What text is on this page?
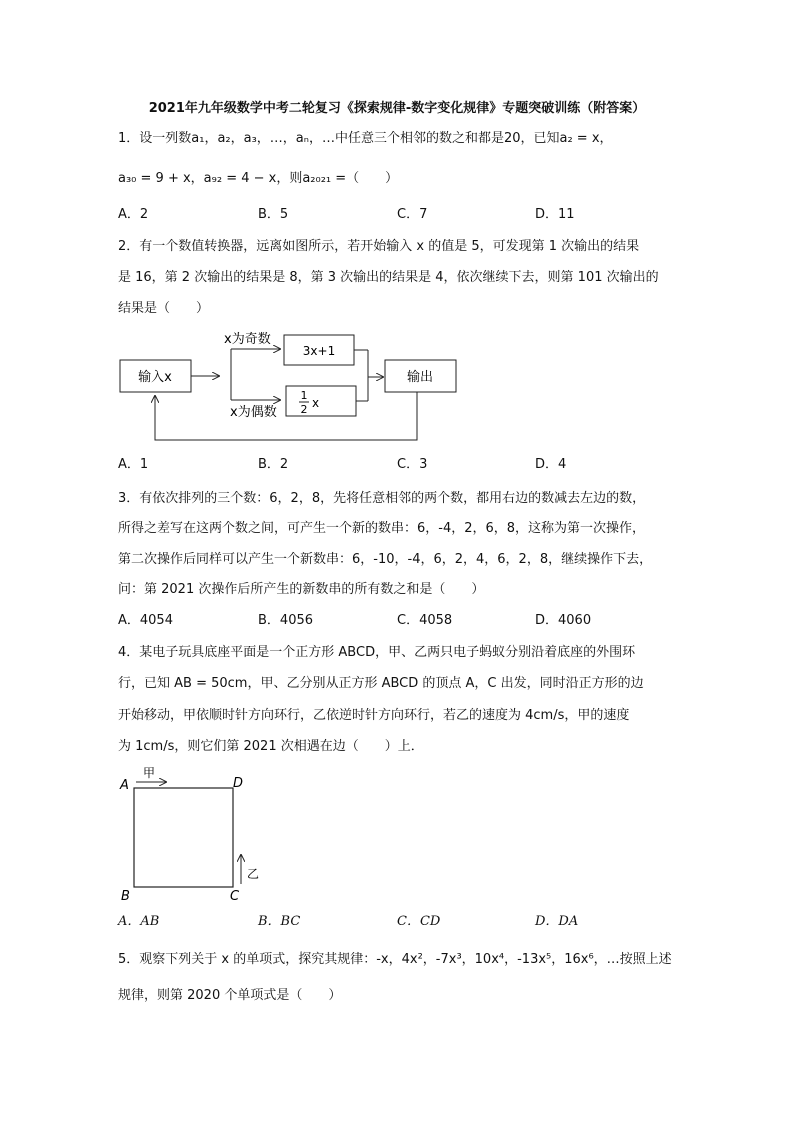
2021年九年级数学中考二轮复习《探索规律-数字变化规律》专题突破训练（附答案）
1．设一列数a₁，a₂，a₃，…，aₙ，…中任意三个相邻的数之和都是20，已知a₂ = x，
a₃₀ = 9 + x，a₉₂ = 4 − x，则a₂₀₂₁ =（　　）
A．2	B．5	C．7	D．11
2．有一个数值转换器，远离如图所示，若开始输入 x 的值是 5，可发现第 1 次输出的结果
是 16，第 2 次输出的结果是 8，第 3 次输出的结果是 4，依次继续下去，则第 101 次输出的
结果是（　　）
输入x
x为奇数
x为偶数
3x+1
1
2 x
输出
A．1	B．2	C．3	D．4
3．有依次排列的三个数：6，2，8，先将任意相邻的两个数，都用右边的数减去左边的数，
所得之差写在这两个数之间，可产生一个新的数串：6，-4，2，6，8，这称为第一次操作，
第二次操作后同样可以产生一个新数串：6，-10，-4，6，2，4，6，2，8，继续操作下去，
问：第 2021 次操作后所产生的新数串的所有数之和是（　　）
A．4054	B．4056	C．4058	D．4060
4．某电子玩具底座平面是一个正方形 ABCD，甲、乙两只电子蚂蚁分别沿着底座的外围环
行，已知 AB = 50cm，甲、乙分别从正方形 ABCD 的顶点 A，C 出发，同时沿正方形的边
开始移动，甲依顺时针方向环行，乙依逆时针方向环行，若乙的速度为 4cm/s，甲的速度
为 1cm/s，则它们第 2021 次相遇在边（　　）上．
A	D
B	C
甲
乙
A．AB	B．BC	C．CD	D．DA
5．观察下列关于 x 的单项式，探究其规律：-x，4x²，-7x³，10x⁴，-13x⁵，16x⁶，…按照上述
规律，则第 2020 个单项式是（　　）
